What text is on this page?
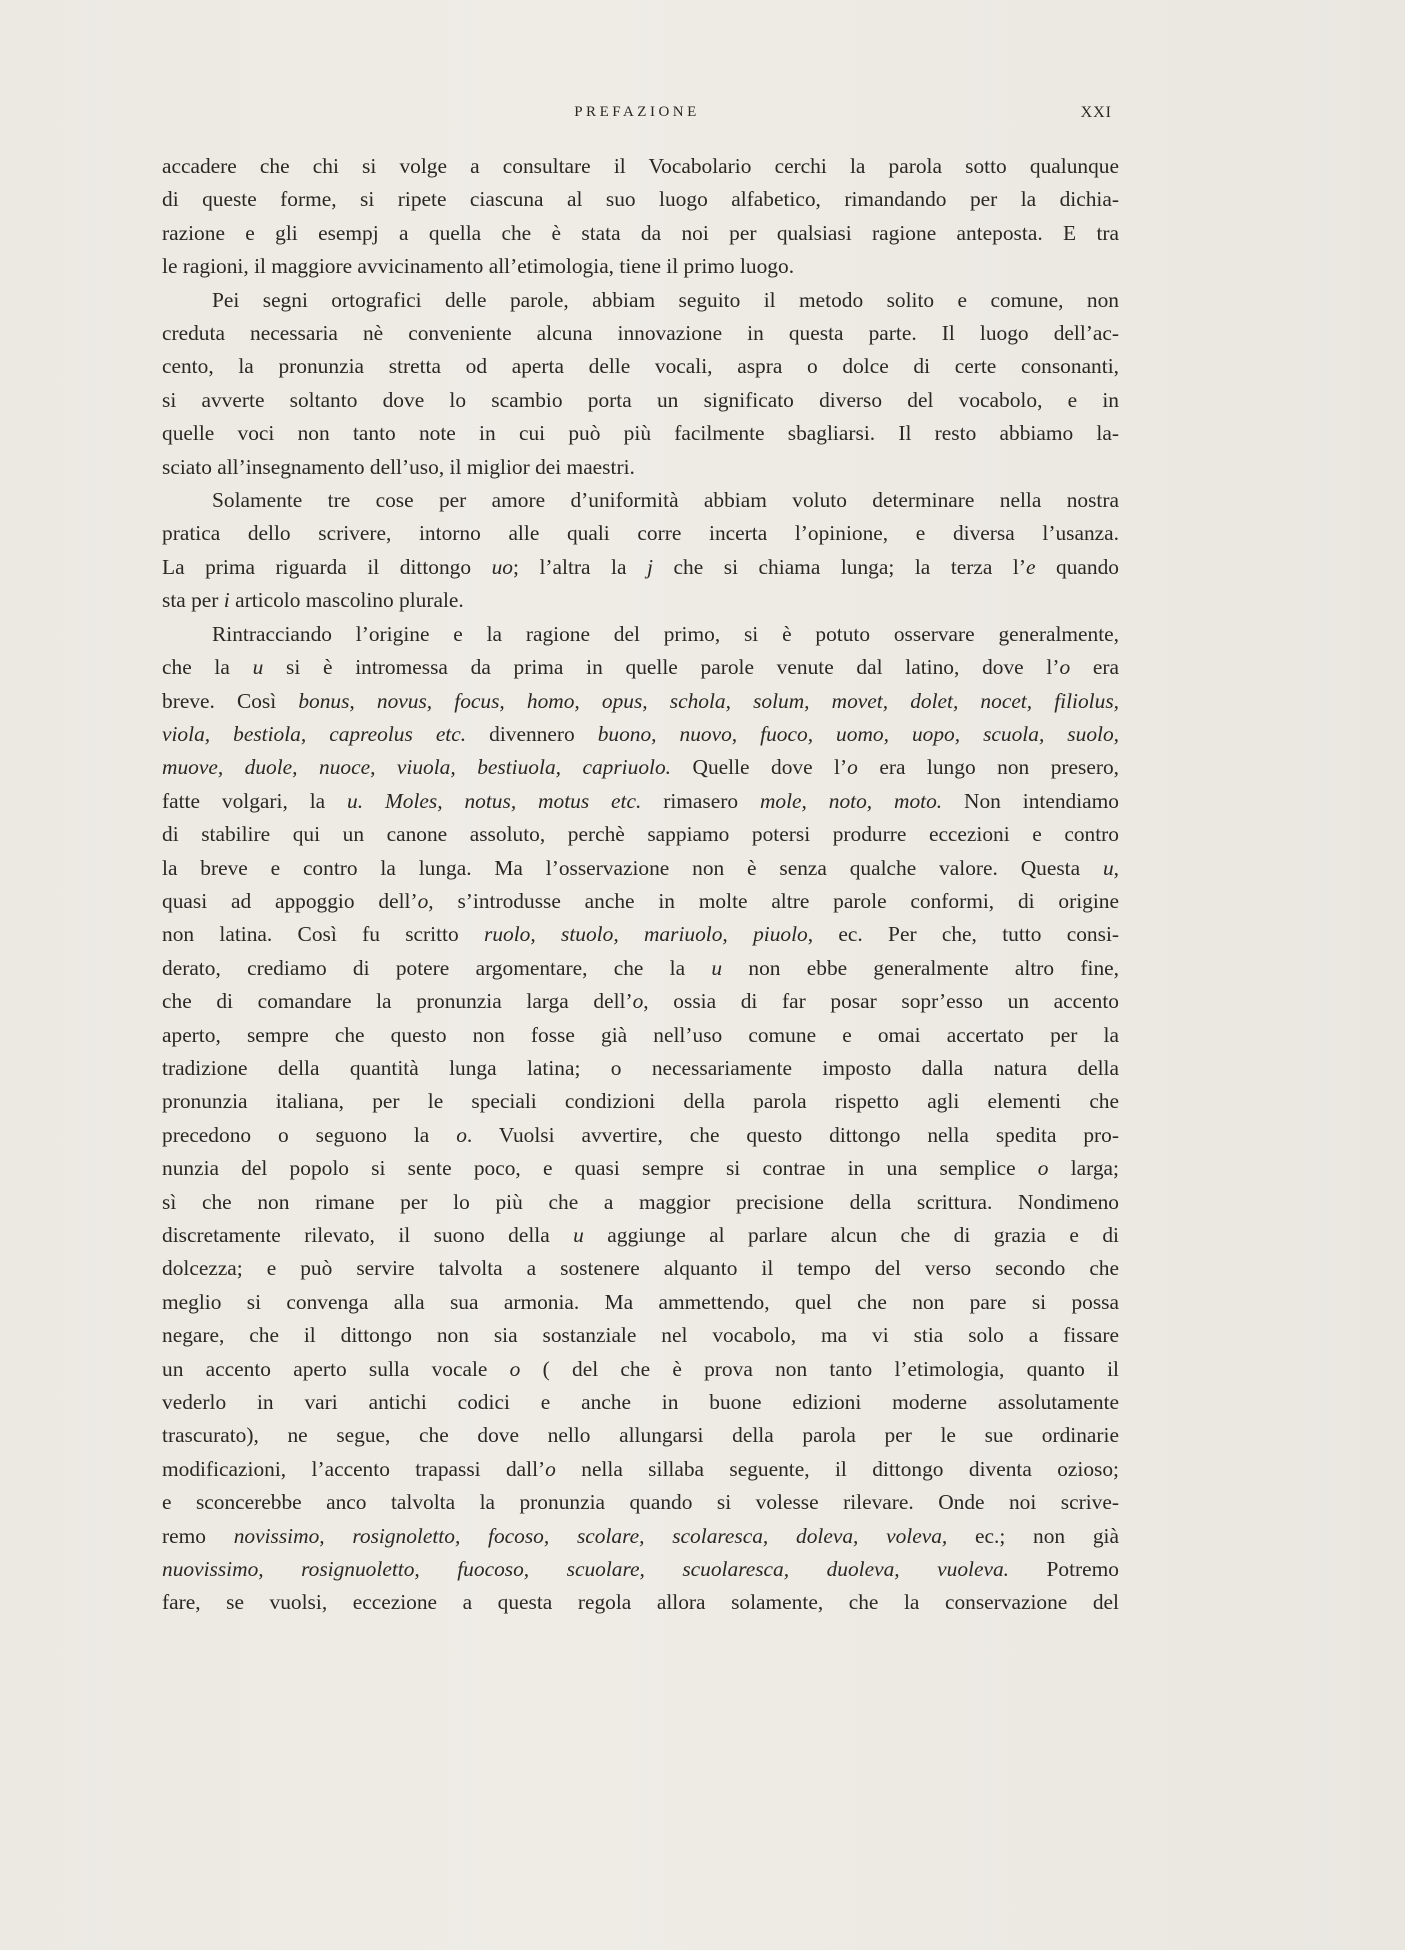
PREFAZIONE	XXI

accadere che chi si volge a consultare il Vocabolario cerchi la parola sotto qualunque
di queste forme, si ripete ciascuna al suo luogo alfabetico, rimandando per la dichia-
razione e gli esempj a quella che è stata da noi per qualsiasi ragione anteposta. E tra
le ragioni, il maggiore avvicinamento all’etimologia, tiene il primo luogo.

Pei segni ortografici delle parole, abbiam seguito il metodo solito e comune, non
creduta necessaria nè conveniente alcuna innovazione in questa parte. Il luogo dell’ac-
cento, la pronunzia stretta od aperta delle vocali, aspra o dolce di certe consonanti,
si avverte soltanto dove lo scambio porta un significato diverso del vocabolo, e in
quelle voci non tanto note in cui può più facilmente sbagliarsi. Il resto abbiamo la-
sciato all’insegnamento dell’uso, il miglior dei maestri.

Solamente tre cose per amore d’uniformità abbiam voluto determinare nella nostra
pratica dello scrivere, intorno alle quali corre incerta l’opinione, e diversa l’usanza.
La prima riguarda il dittongo uo; l’altra la j che si chiama lunga; la terza l’e quando
sta per i articolo mascolino plurale.

Rintracciando l’origine e la ragione del primo, si è potuto osservare generalmente,
che la u si è intromessa da prima in quelle parole venute dal latino, dove l’o era
breve. Così bonus, novus, focus, homo, opus, schola, solum, movet, dolet, nocet, filiolus,
viola, bestiola, capreolus etc. divennero buono, nuovo, fuoco, uomo, uopo, scuola, suolo,
muove, duole, nuoce, viuola, bestiuola, capriuolo. Quelle dove l’o era lungo non presero,
fatte volgari, la u. Moles, notus, motus etc. rimasero mole, noto, moto. Non intendiamo
di stabilire qui un canone assoluto, perchè sappiamo potersi produrre eccezioni e contro
la breve e contro la lunga. Ma l’osservazione non è senza qualche valore. Questa u,
quasi ad appoggio dell’o, s’introdusse anche in molte altre parole conformi, di origine
non latina. Così fu scritto ruolo, stuolo, mariuolo, piuolo, ec. Per che, tutto consi-
derato, crediamo di potere argomentare, che la u non ebbe generalmente altro fine,
che di comandare la pronunzia larga dell’o, ossia di far posar sopr’esso un accento
aperto, sempre che questo non fosse già nell’uso comune e omai accertato per la
tradizione della quantità lunga latina; o necessariamente imposto dalla natura della
pronunzia italiana, per le speciali condizioni della parola rispetto agli elementi che
precedono o seguono la o. Vuolsi avvertire, che questo dittongo nella spedita pro-
nunzia del popolo si sente poco, e quasi sempre si contrae in una semplice o larga;
sì che non rimane per lo più che a maggior precisione della scrittura. Nondimeno
discretamente rilevato, il suono della u aggiunge al parlare alcun che di grazia e di
dolcezza; e può servire talvolta a sostenere alquanto il tempo del verso secondo che
meglio si convenga alla sua armonia. Ma ammettendo, quel che non pare si possa
negare, che il dittongo non sia sostanziale nel vocabolo, ma vi stia solo a fissare
un accento aperto sulla vocale o ( del che è prova non tanto l’etimologia, quanto il
vederlo in vari antichi codici e anche in buone edizioni moderne assolutamente
trascurato), ne segue, che dove nello allungarsi della parola per le sue ordinarie
modificazioni, l’accento trapassi dall’o nella sillaba seguente, il dittongo diventa ozioso;
e sconcerebbe anco talvolta la pronunzia quando si volesse rilevare. Onde noi scrive-
remo novissimo, rosignoletto, focoso, scolare, scolaresca, doleva, voleva, ec.; non già
nuovissimo, rosignuoletto, fuocoso, scuolare, scuolaresca, duoleva, vuoleva. Potremo
fare, se vuolsi, eccezione a questa regola allora solamente, che la conservazione del
